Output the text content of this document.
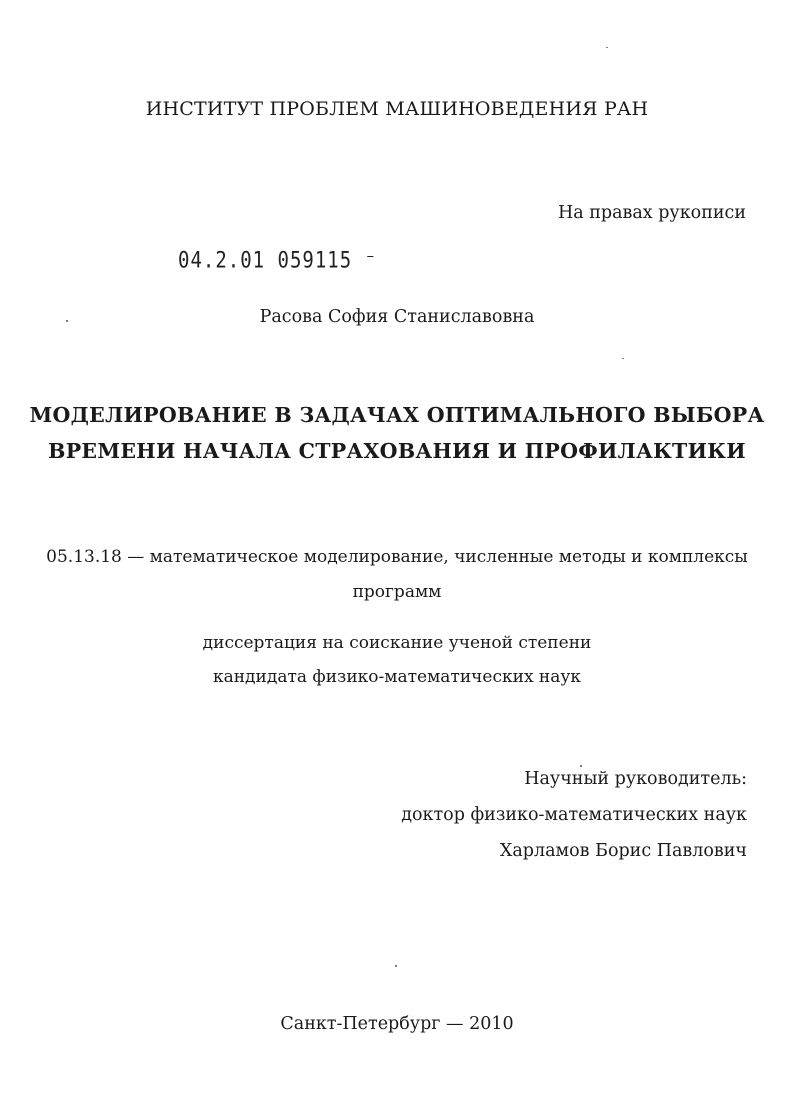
ИНСТИТУТ ПРОБЛЕМ МАШИНОВЕДЕНИЯ РАН
На правах рукописи
04.2.01 059115 ⁻
Расова София Станиславовна
МОДЕЛИРОВАНИЕ В ЗАДАЧАХ ОПТИМАЛЬНОГО ВЫБОРА
ВРЕМЕНИ НАЧАЛА СТРАХОВАНИЯ И ПРОФИЛАКТИКИ
05.13.18 — математическое моделирование, численные методы и комплексы
программ
диссертация на соискание ученой степени
кандидата физико-математических наук
Научный руководитель:
доктор физико-математических наук
Харламов Борис Павлович
Санкт-Петербург — 2010
